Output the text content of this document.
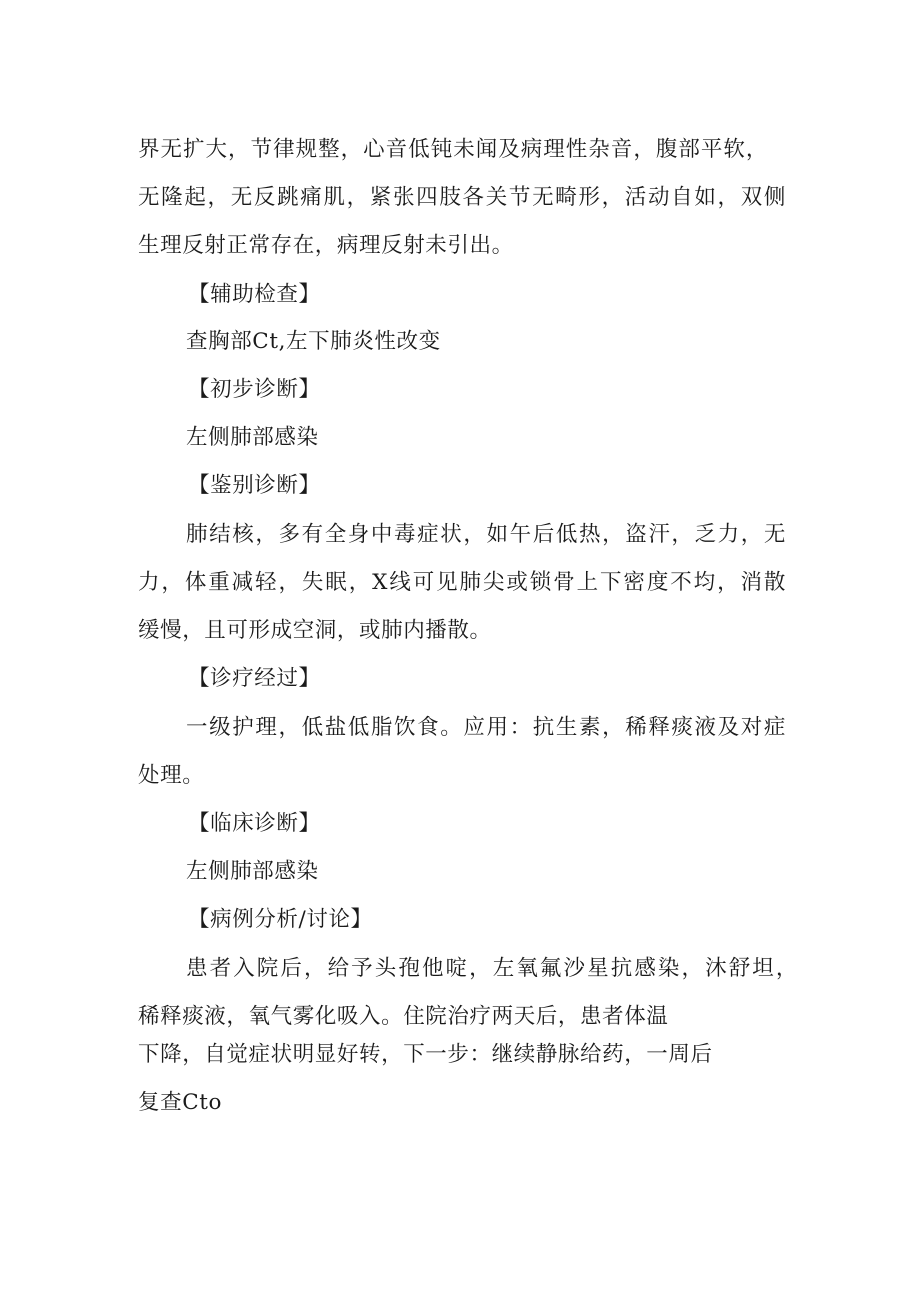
界无扩大，节律规整，心音低钝未闻及病理性杂音，腹部平软，
无隆起，无反跳痛肌，紧张四肢各关节无畸形，活动自如，双侧
生理反射正常存在，病理反射未引出。
【辅助检查】
查胸部Ct,左下肺炎性改变
【初步诊断】
左侧肺部感染
【鉴别诊断】
肺结核，多有全身中毒症状，如午后低热，盗汗，乏力，无
力，体重减轻，失眠，X线可见肺尖或锁骨上下密度不均，消散
缓慢，且可形成空洞，或肺内播散。
【诊疗经过】
一级护理，低盐低脂饮食。应用：抗生素，稀释痰液及对症
处理。
【临床诊断】
左侧肺部感染
【病例分析/讨论】
患者入院后，给予头孢他啶，左氧氟沙星抗感染，沐舒坦，
稀释痰液，氧气雾化吸入。住院治疗两天后，患者体温
下降，自觉症状明显好转，下一步：继续静脉给药，一周后
复查Cto
